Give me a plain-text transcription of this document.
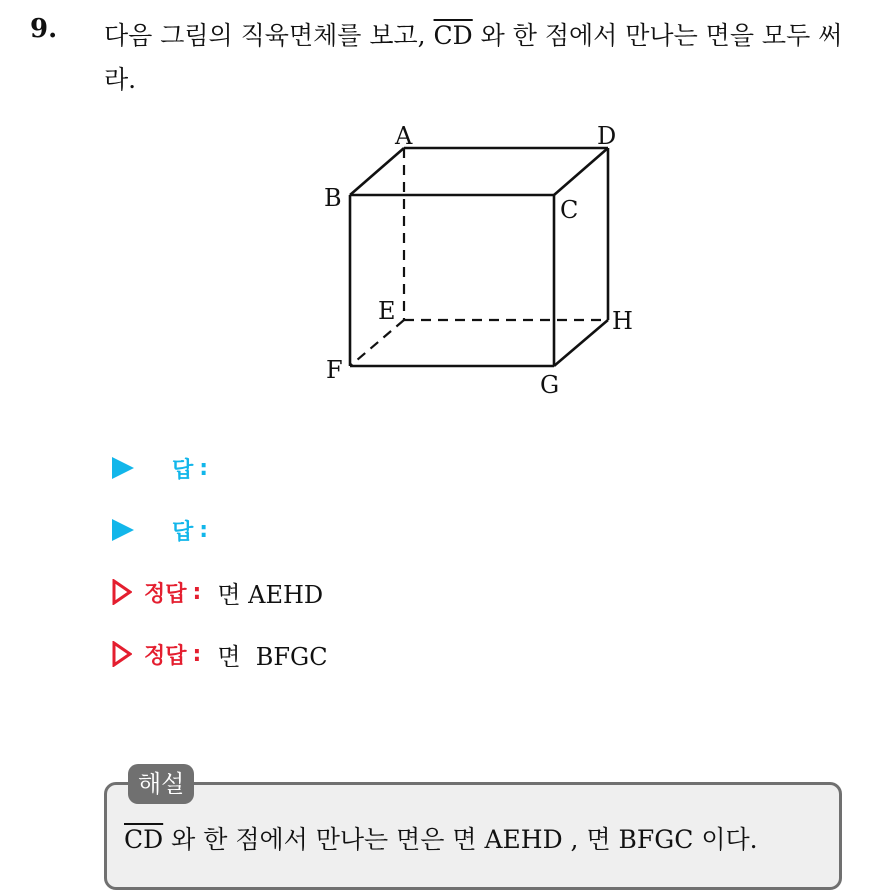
9. 다음 그림의 직육면체를 보고, $\overline{CD}$ 와 한 점에서 만나는 면을 모두 써라.
A	D
B	C
E	H
F
G
답 :
답 :
정답 : 면 AEHD
정답 : 면  BFGC
해설
$\overline{CD}$ 와 한 점에서 만나는 면은 면 AEHD , 면 BFGC 이다.
